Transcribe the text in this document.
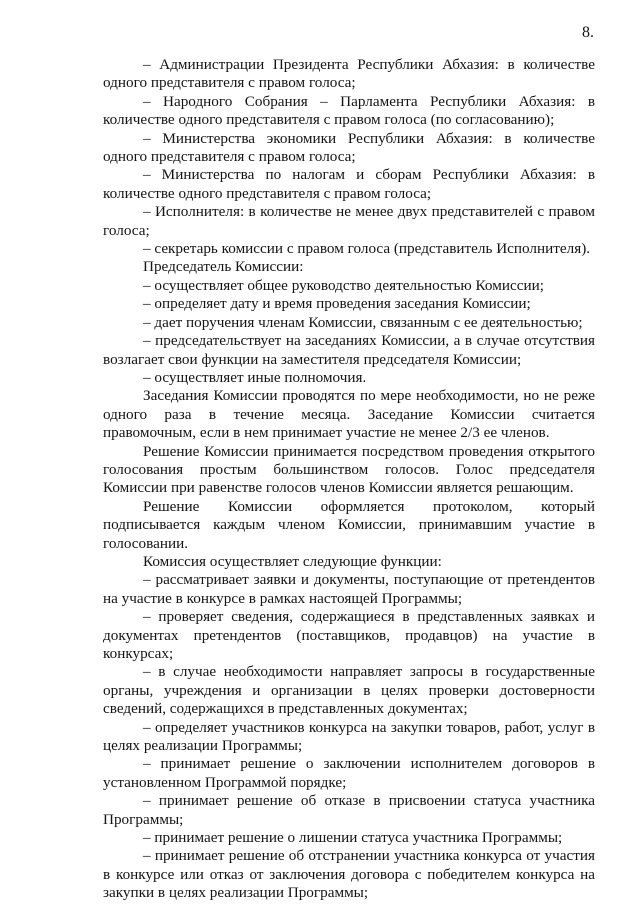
8.

– Администрации Президента Республики Абхазия: в количестве одного представителя с правом голоса;

– Народного Собрания – Парламента Республики Абхазия: в количестве одного представителя с правом голоса (по согласованию);

– Министерства экономики Республики Абхазия: в количестве одного представителя с правом голоса;

– Министерства по налогам и сборам Республики Абхазия: в количестве одного представителя с правом голоса;

– Исполнителя: в количестве не менее двух представителей с правом голоса;

– секретарь комиссии с правом голоса (представитель Исполнителя).

Председатель Комиссии:

– осуществляет общее руководство деятельностью Комиссии;

– определяет дату и время проведения заседания Комиссии;

– дает поручения членам Комиссии, связанным с ее деятельностью;

– председательствует на заседаниях Комиссии, а в случае отсутствия возлагает свои функции на заместителя председателя Комиссии;

– осуществляет иные полномочия.

Заседания Комиссии проводятся по мере необходимости, но не реже одного раза в течение месяца. Заседание Комиссии считается правомочным, если в нем принимает участие не менее 2/3 ее членов.

Решение Комиссии принимается посредством проведения открытого голосования простым большинством голосов. Голос председателя Комиссии при равенстве голосов членов Комиссии является решающим.

Решение Комиссии оформляется протоколом, который подписывается каждым членом Комиссии, принимавшим участие в голосовании.

Комиссия осуществляет следующие функции:

– рассматривает заявки и документы, поступающие от претендентов на участие в конкурсе в рамках настоящей Программы;

– проверяет сведения, содержащиеся в представленных заявках и документах претендентов (поставщиков, продавцов) на участие в конкурсах;

– в случае необходимости направляет запросы в государственные органы, учреждения и организации в целях проверки достоверности сведений, содержащихся в представленных документах;

– определяет участников конкурса на закупки товаров, работ, услуг в целях реализации Программы;

– принимает решение о заключении исполнителем договоров в установленном Программой порядке;

– принимает решение об отказе в присвоении статуса участника Программы;

– принимает решение о лишении статуса участника Программы;

– принимает решение об отстранении участника конкурса от участия в конкурсе или отказ от заключения договора с победителем конкурса на закупки в целях реализации Программы;
